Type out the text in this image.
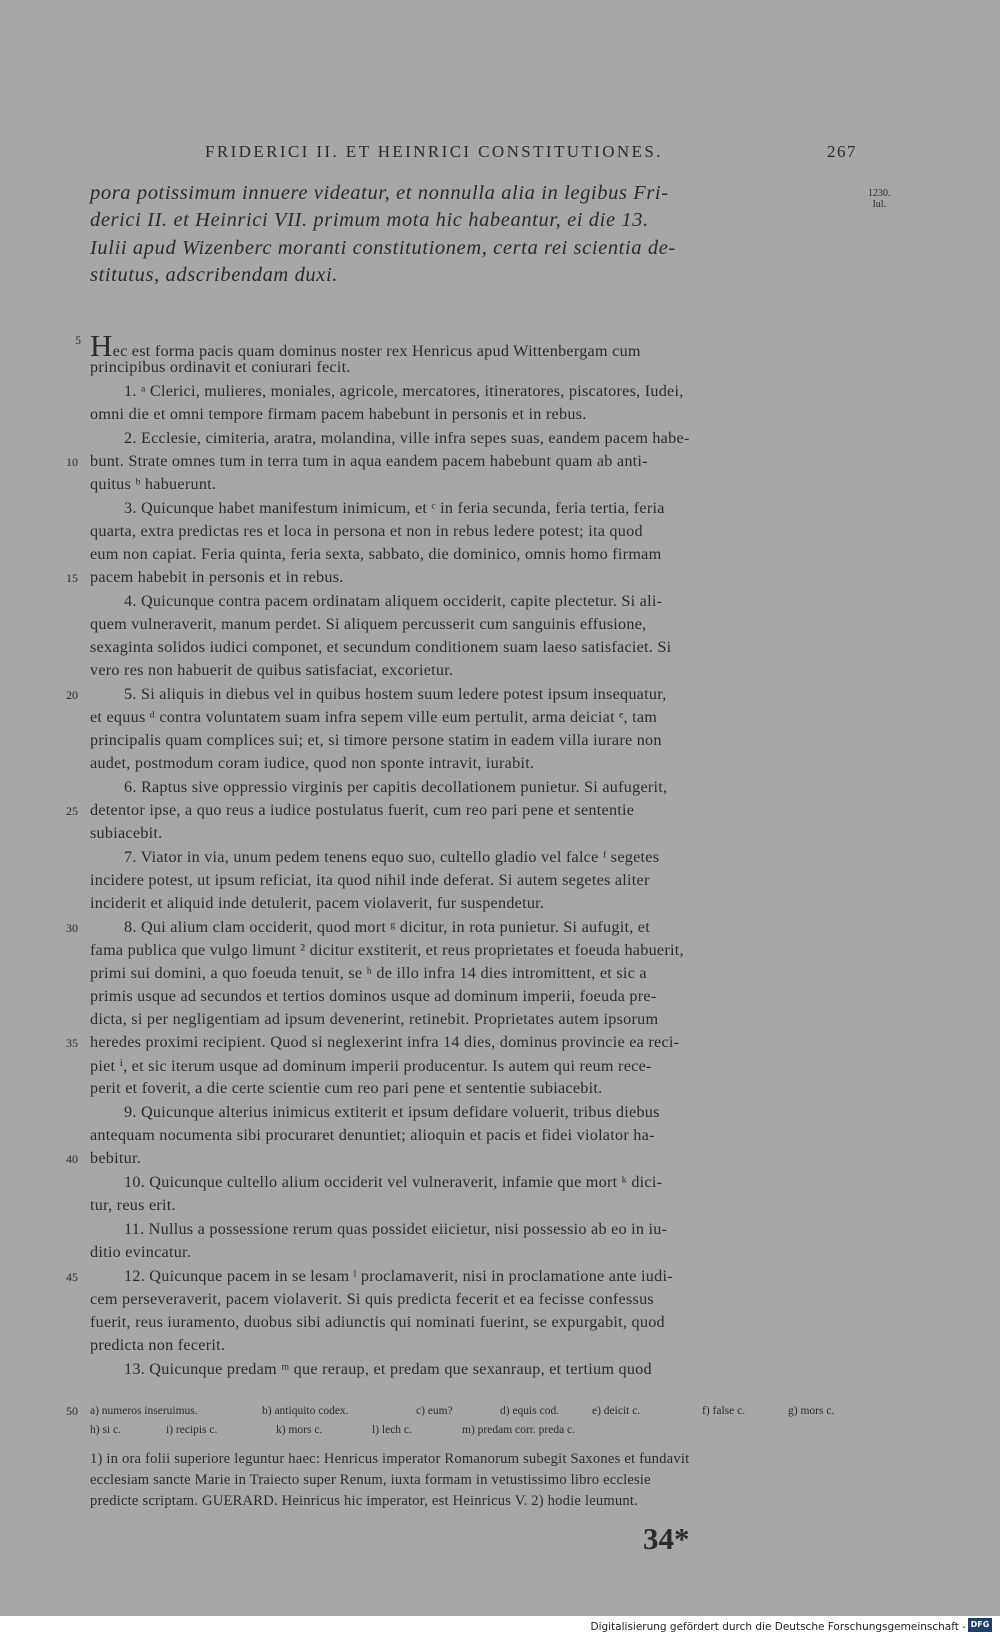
FRIDERICI II. ET HEINRICI CONSTITUTIONES.	267
1230.
Iul.
pora potissimum innuere videatur, et nonnulla alia in legibus Fri-
derici II. et Heinrici VII. primum mota hic habeantur, ei die 13.
Iulii apud Wizenberc moranti constitutionem, certa rei scientia de-
stitutus, adscribendam duxi.
Hec est forma pacis quam dominus noster rex Henricus apud Wittenbergam cum
principibus ordinavit et coniurari fecit.
1. ᵃ Clerici, mulieres, moniales, agricole, mercatores, itineratores, piscatores, Iudei,
omni die et omni tempore firmam pacem habebunt in personis et in rebus.
2. Ecclesie, cimiteria, aratra, molandina, ville infra sepes suas, eandem pacem habe-
bunt. Strate omnes tum in terra tum in aqua eandem pacem habebunt quam ab anti-
quitus ᵇ habuerunt.
3. Quicunque habet manifestum inimicum, et ᶜ in feria secunda, feria tertia, feria
quarta, extra predictas res et loca in persona et non in rebus ledere potest; ita quod
eum non capiat. Feria quinta, feria sexta, sabbato, die dominico, omnis homo firmam
pacem habebit in personis et in rebus.
4. Quicunque contra pacem ordinatam aliquem occiderit, capite plectetur. Si ali-
quem vulneraverit, manum perdet. Si aliquem percusserit cum sanguinis effusione,
sexaginta solidos iudici componet, et secundum conditionem suam laeso satisfaciet. Si
vero res non habuerit de quibus satisfaciat, excorietur.
5. Si aliquis in diebus vel in quibus hostem suum ledere potest ipsum insequatur,
et equus ᵈ contra voluntatem suam infra sepem ville eum pertulit, arma deiciat ᵉ, tam
principalis quam complices sui; et, si timore persone statim in eadem villa iurare non
audet, postmodum coram iudice, quod non sponte intravit, iurabit.
6. Raptus sive oppressio virginis per capitis decollationem punietur. Si aufugerit,
detentor ipse, a quo reus a iudice postulatus fuerit, cum reo pari pene et sententie
subiacebit.
7. Viator in via, unum pedem tenens equo suo, cultello gladio vel falce ᶠ segetes
incidere potest, ut ipsum reficiat, ita quod nihil inde deferat. Si autem segetes aliter
inciderit et aliquid inde detulerit, pacem violaverit, fur suspendetur.
8. Qui alium clam occiderit, quod mort ᵍ dicitur, in rota punietur. Si aufugit, et
fama publica que vulgo limunt ² dicitur exstiterit, et reus proprietates et foeuda habuerit,
primi sui domini, a quo foeuda tenuit, se ʰ de illo infra 14 dies intromittent, et sic a
primis usque ad secundos et tertios dominos usque ad dominum imperii, foeuda pre-
dicta, si per negligentiam ad ipsum devenerint, retinebit. Proprietates autem ipsorum
heredes proximi recipient. Quod si neglexerint infra 14 dies, dominus provincie ea reci-
piet ⁱ, et sic iterum usque ad dominum imperii producentur. Is autem qui reum rece-
perit et foverit, a die certe scientie cum reo pari pene et sententie subiacebit.
9. Quicunque alterius inimicus extiterit et ipsum defidare voluerit, tribus diebus
antequam nocumenta sibi procuraret denuntiet; alioquin et pacis et fidei violator ha-
bebitur.
10. Quicunque cultello alium occiderit vel vulneraverit, infamie que mort ᵏ dici-
tur, reus erit.
11. Nullus a possessione rerum quas possidet eiicietur, nisi possessio ab eo in iu-
ditio evincatur.
12. Quicunque pacem in se lesam ˡ proclamaverit, nisi in proclamatione ante iudi-
cem perseveraverit, pacem violaverit. Si quis predicta fecerit et ea fecisse confessus
fuerit, reus iuramento, duobus sibi adiunctis qui nominati fuerint, se expurgabit, quod
predicta non fecerit.
13. Quicunque predam ᵐ que reraup, et predam que sexanraup, et tertium quod
5
10
15
20
25
30
35
40
45
50 a) numeros inseruimus.	b) antiquito codex.	c) eum?	d) equis cod.	e) deicit c.	f) false c.	g) mors c.
h) si c.	i) recipis c.	k) mors c.	l) lech c.	m) predam corr. preda c.
1) in ora folii superiore leguntur haec: Henricus imperator Romanorum subegit Saxones et fundavit
ecclesiam sancte Marie in Traiecto super Renum, iuxta formam in vetustissimo libro ecclesie
predicte scriptam. GUERARD. Heinricus hic imperator, est Heinricus V. 2) hodie leumunt.
34*
Digitalisierung gefördert durch die Deutsche Forschungsgemeinschaft - DFG
